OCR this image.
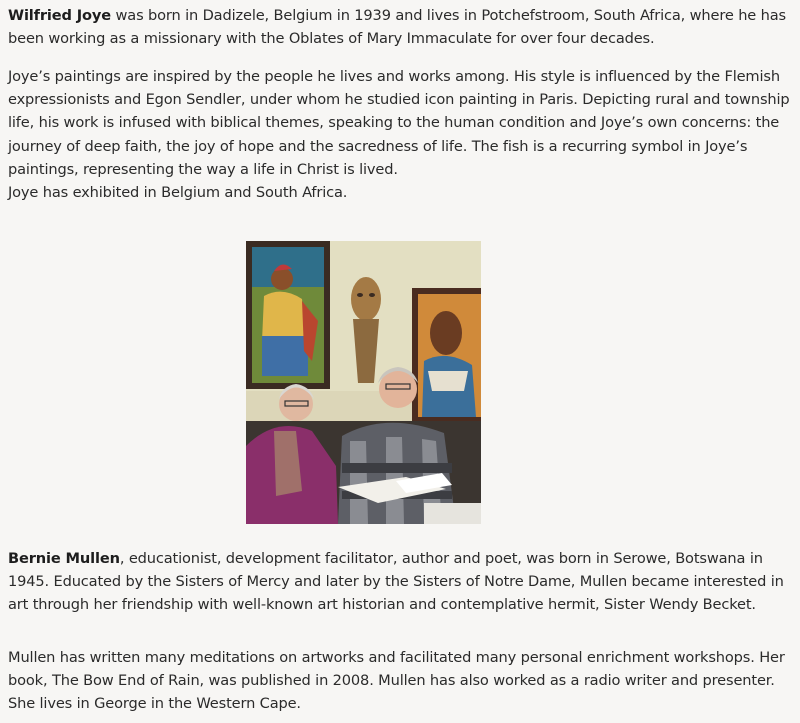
Wilfried Joye was born in Dadizele, Belgium in 1939 and lives in Potchefstroom, South Africa, where he has been working as a missionary with the Oblates of Mary Immaculate for over four decades.

Joye’s paintings are inspired by the people he lives and works among. His style is influenced by the Flemish expressionists and Egon Sendler, under whom he studied icon painting in Paris. Depicting rural and township life, his work is infused with biblical themes, speaking to the human condition and Joye’s own concerns: the journey of deep faith, the joy of hope and the sacredness of life. The fish is a recurring symbol in Joye’s paintings, representing the way a life in Christ is lived.

Joye has exhibited in Belgium and South Africa.

Bernie Mullen, educationist, development facilitator, author and poet, was born in Serowe, Botswana in 1945. Educated by the Sisters of Mercy and later by the Sisters of Notre Dame, Mullen became interested in art through her friendship with well-known art historian and contemplative hermit, Sister Wendy Becket.

Mullen has written many meditations on artworks and facilitated many personal enrichment workshops. Her book, The Bow End of Rain, was published in 2008. Mullen has also worked as a radio writer and presenter. She lives in George in the Western Cape.
